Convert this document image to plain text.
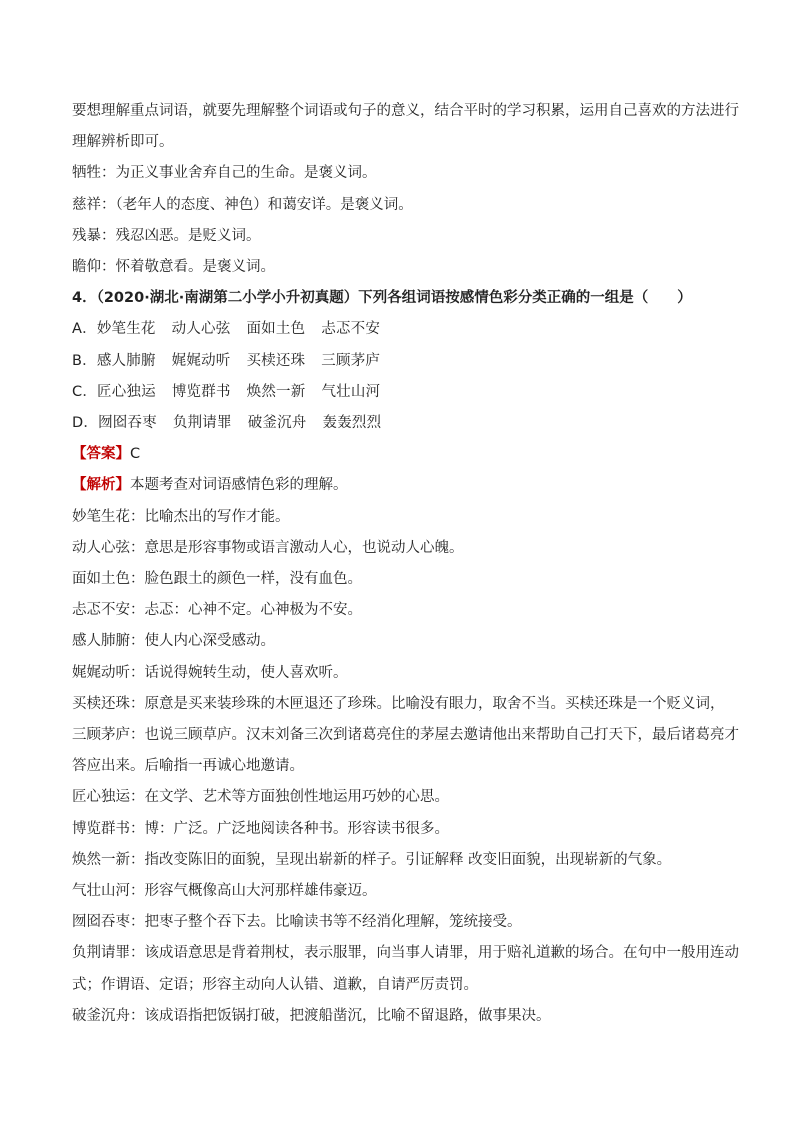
要想理解重点词语，就要先理解整个词语或句子的意义，结合平时的学习积累，运用自己喜欢的方法进行
理解辨析即可。
牺牲：为正义事业舍弃自己的生命。是褒义词。
慈祥：（老年人的态度、神色）和蔼安详。是褒义词。
残暴：残忍凶恶。是贬义词。
瞻仰：怀着敬意看。是褒义词。
4．（2020·湖北·南湖第二小学小升初真题）下列各组词语按感情色彩分类正确的一组是（　　）
A．妙笔生花 动人心弦 面如土色 忐忑不安
B．感人肺腑 娓娓动听 买椟还珠 三顾茅庐
C．匠心独运 博览群书 焕然一新 气壮山河
D．囫囵吞枣 负荆请罪 破釜沉舟 轰轰烈烈
【答案】C
【解析】本题考查对词语感情色彩的理解。
妙笔生花：比喻杰出的写作才能。
动人心弦：意思是形容事物或语言激动人心，也说动人心魄。
面如土色：脸色跟土的颜色一样，没有血色。
忐忑不安：忐忑：心神不定。心神极为不安。
感人肺腑：使人内心深受感动。
娓娓动听：话说得婉转生动，使人喜欢听。
买椟还珠：原意是买来装珍珠的木匣退还了珍珠。比喻没有眼力，取舍不当。买椟还珠是一个贬义词，
三顾茅庐：也说三顾草庐。汉末刘备三次到诸葛亮住的茅屋去邀请他出来帮助自己打天下，最后诸葛亮才
答应出来。后喻指一再诚心地邀请。
匠心独运：在文学、艺术等方面独创性地运用巧妙的心思。
博览群书：博：广泛。广泛地阅读各种书。形容读书很多。
焕然一新：指改变陈旧的面貌，呈现出崭新的样子。引证解释 改变旧面貌，出现崭新的气象。
气壮山河：形容气概像高山大河那样雄伟豪迈。
囫囵吞枣：把枣子整个吞下去。比喻读书等不经消化理解，笼统接受。
负荆请罪：该成语意思是背着荆杖，表示服罪，向当事人请罪，用于赔礼道歉的场合。在句中一般用连动
式；作谓语、定语；形容主动向人认错、道歉，自请严厉责罚。
破釜沉舟：该成语指把饭锅打破，把渡船凿沉，比喻不留退路，做事果决。
